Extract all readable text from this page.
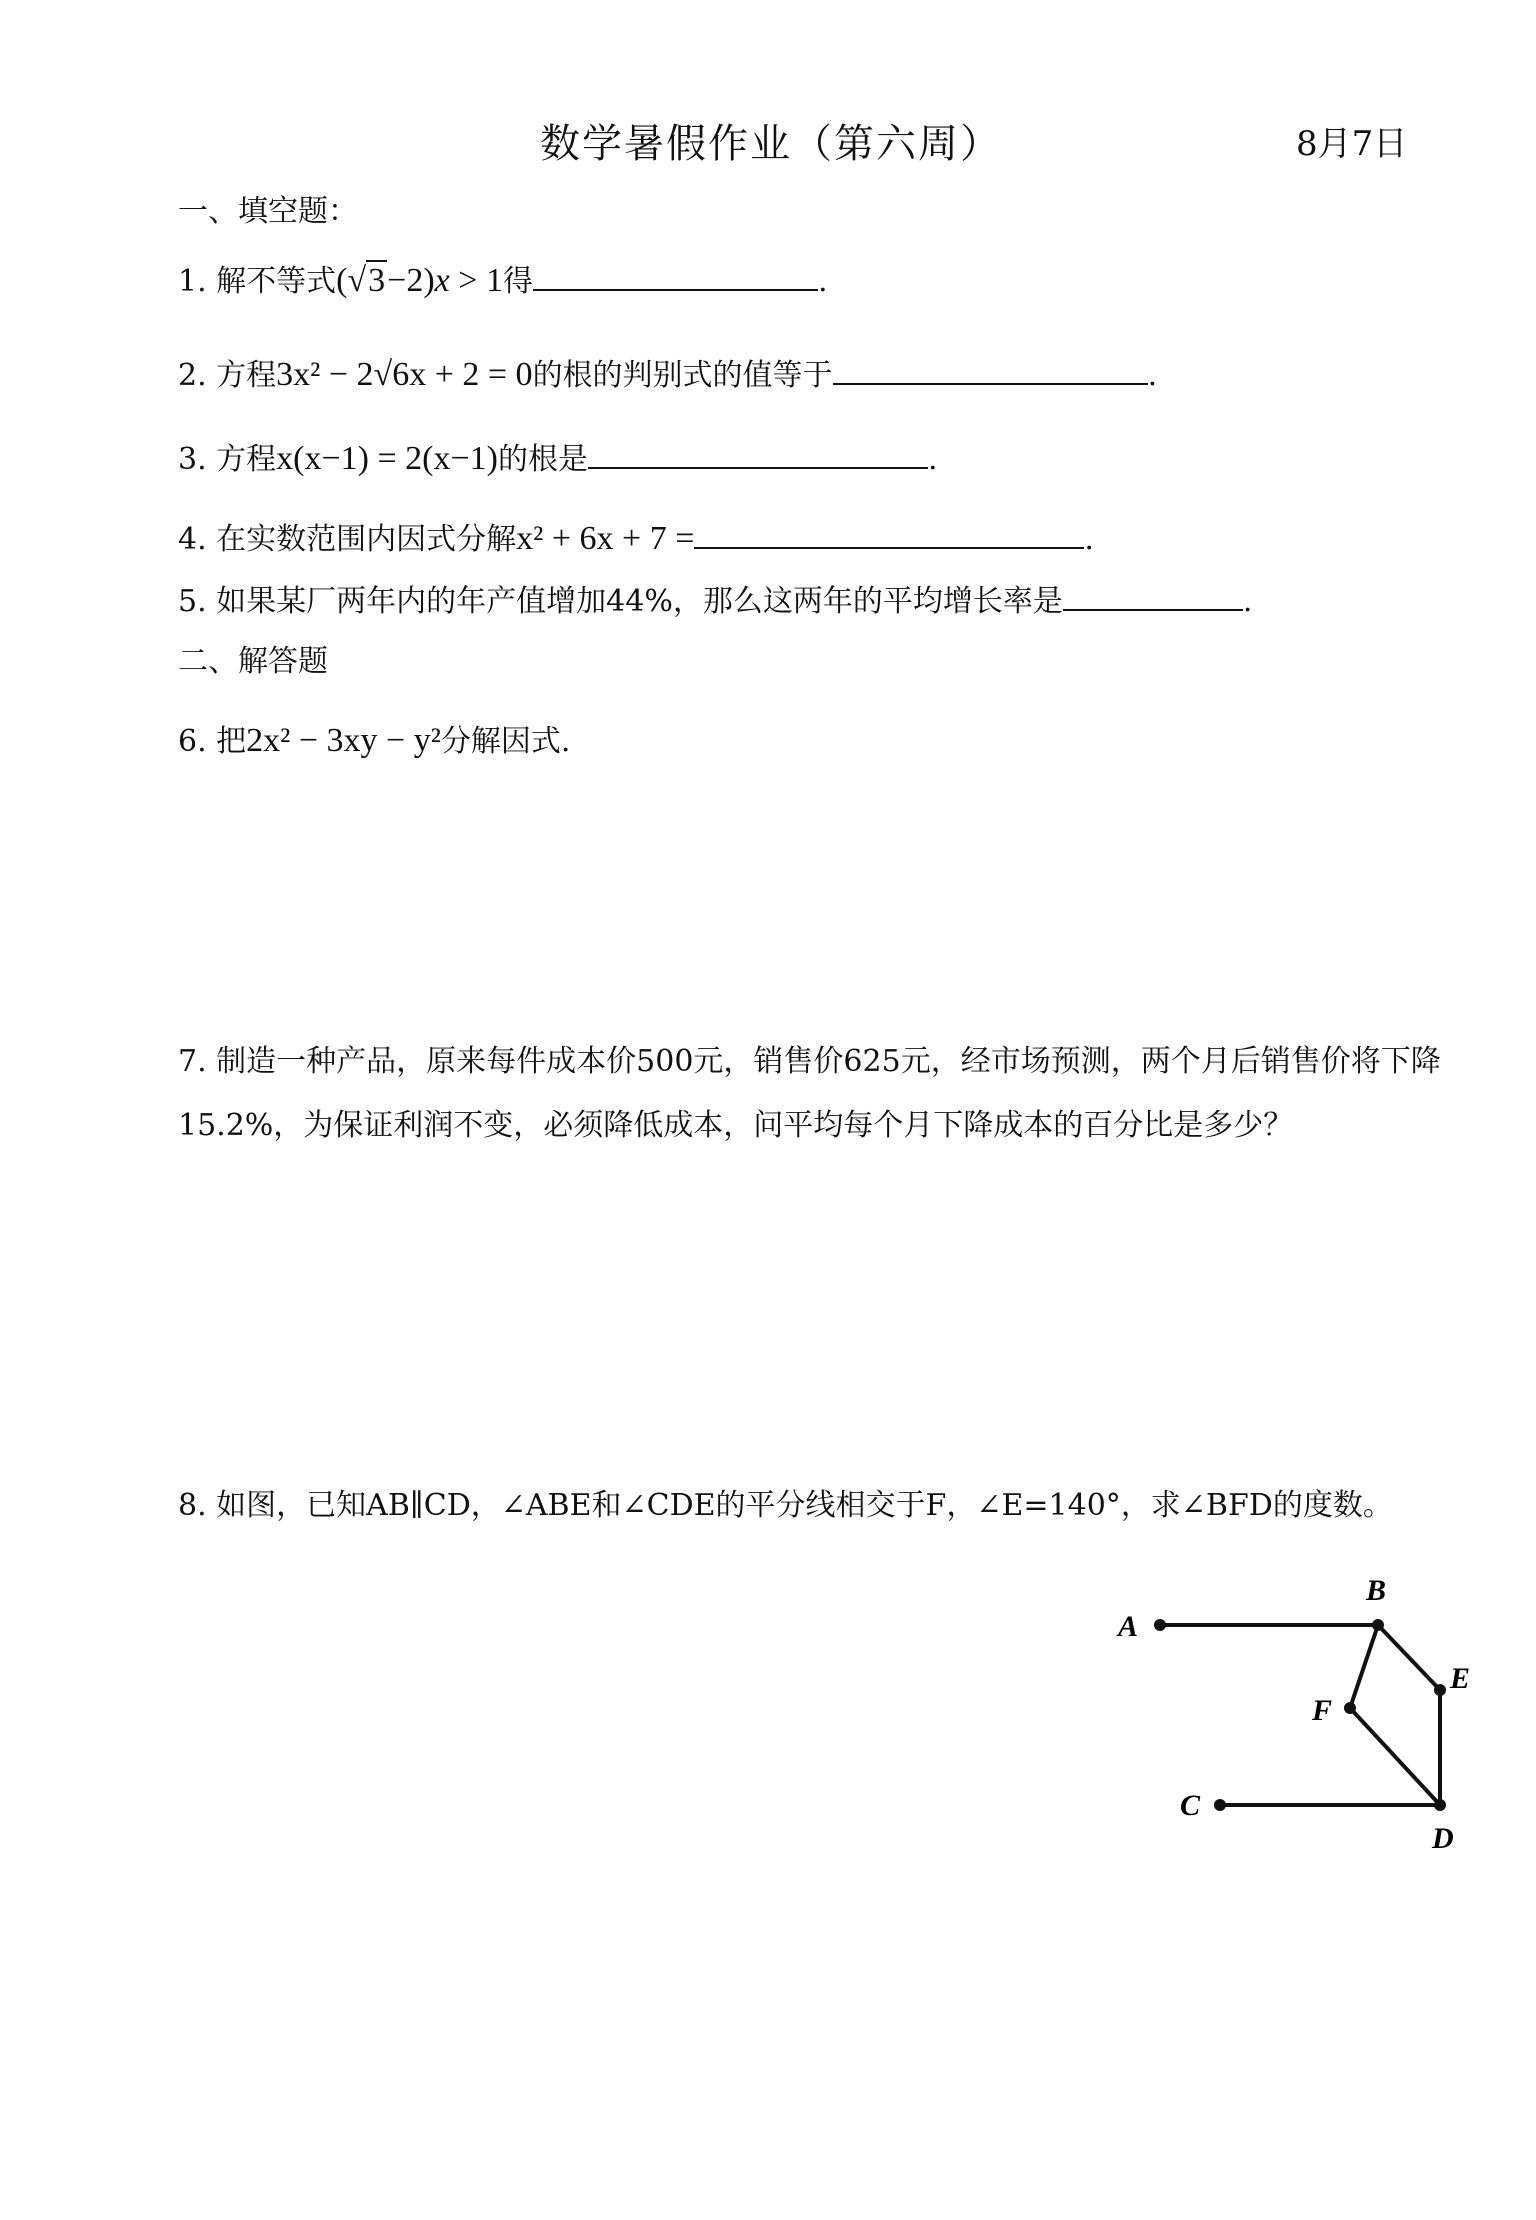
数学暑假作业（第六周）	8月7日
一、填空题：
1. 解不等式(√3−2)x > 1得	.
2. 方程3x² − 2√6x + 2 = 0的根的判别式的值等于	.
3. 方程x(x−1) = 2(x−1)的根是	.
4. 在实数范围内因式分解x² + 6x + 7 =	.
5. 如果某厂两年内的年产值增加44%，那么这两年的平均增长率是	.
二、解答题
6. 把2x² − 3xy − y²分解因式.
7. 制造一种产品，原来每件成本价500元，销售价625元，经市场预测，两个月后销售价将下降15.2%，为保证利润不变，必须降低成本，问平均每个月下降成本的百分比是多少？
8. 如图，已知AB∥CD，∠ABE和∠CDE的平分线相交于F，∠E=140°，求∠BFD的度数。
A
B
E
F
C
D
